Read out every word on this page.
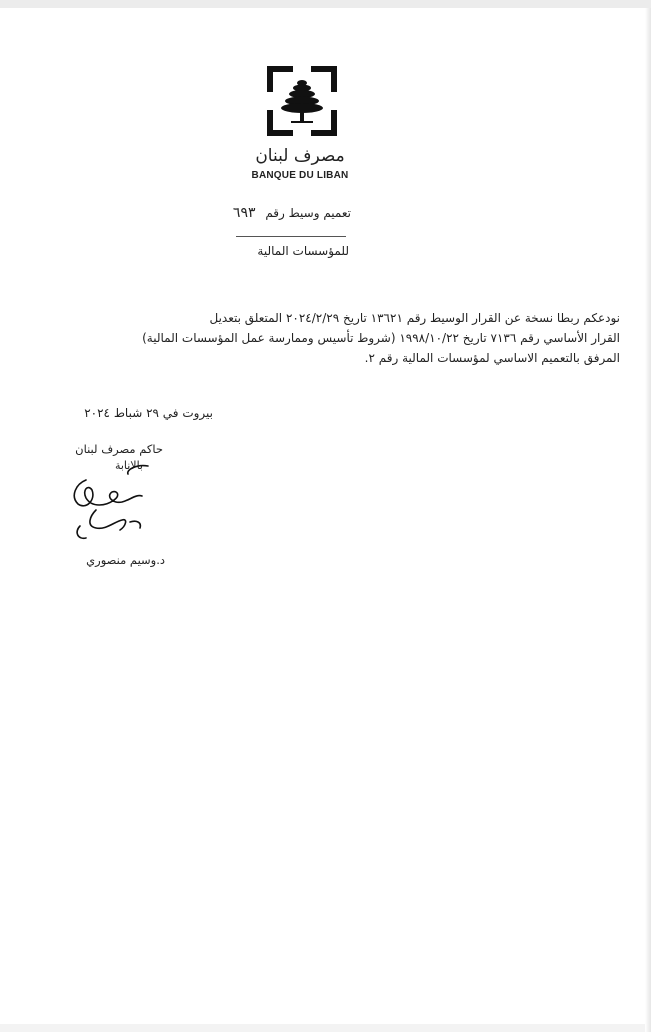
مصرف لبنان
BANQUE DU LIBAN
تعميم وسيط رقم ٦٩٣
للمؤسسات المالية

نودعكم ربطا نسخة عن القرار الوسيط رقم ١٣٦٢١ تاريخ ٢٠٢٤/٢/٢٩ المتعلق بتعديل

القرار الأساسي رقم ٧١٣٦ تاريخ ١٩٩٨/١٠/٢٢ (شروط تأسيس وممارسة عمل المؤسسات المالية)

المرفق بالتعميم الاساسي لمؤسسات المالية رقم ٢.

بيروت في ٢٩ شباط ٢٠٢٤
حاكم مصرف لبنان
بالانابة
د.وسيم منصوري
